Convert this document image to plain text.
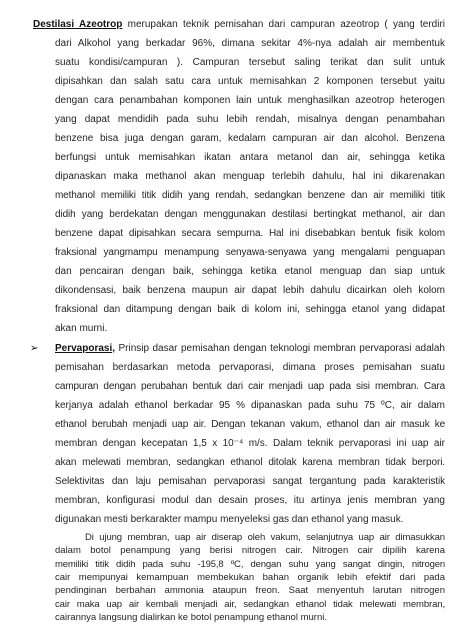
Destilasi Azeotrop merupakan teknik pemisahan dari campuran azeotrop ( yang terdiri
dari Alkohol yang berkadar 96%, dimana sekitar 4%-nya adalah air membentuk
suatu kondisi/campuran ). Campuran tersebut saling terikat dan sulit untuk
dipisahkan dan salah satu cara untuk memisahkan 2 komponen tersebut yaitu
dengan cara penambahan komponen lain untuk menghasilkan azeotrop heterogen
yang dapat mendidih pada suhu lebih rendah, misalnya dengan penambahan
benzene bisa juga dengan garam, kedalam campuran air dan alcohol. Benzena
berfungsi untuk memisahkan ikatan antara metanol dan air, sehingga ketika
dipanaskan maka methanol akan menguap terlebih dahulu, hal ini dikarenakan
methanol memiliki titik didih yang rendah, sedangkan benzene dan air memiliki titik
didih yang berdekatan dengan menggunakan destilasi bertingkat methanol, air dan
benzene dapat dipisahkan secara sempurna. Hal ini disebabkan bentuk fisik kolom
fraksional yangmampu menampung senyawa-senyawa yang mengalami penguapan
dan pencairan dengan baik, sehingga ketika etanol menguap dan siap untuk
dikondensasi, baik benzena maupun air dapat lebih dahulu dicairkan oleh kolom
fraksional dan ditampung dengan baik di kolom ini, sehingga etanol yang didapat
akan murni.
➢ Pervaporasi, Prinsip dasar pemisahan dengan teknologi membran pervaporasi adalah
pemisahan berdasarkan metoda pervaporasi, dimana proses pemisahan suatu
campuran dengan perubahan bentuk dari cair menjadi uap pada sisi membran. Cara
kerjanya adalah ethanol berkadar 95 % dipanaskan pada suhu 75 ºC, air dalam
ethanol berubah menjadi uap air. Dengan tekanan vakum, ethanol dan air masuk ke
membran dengan kecepatan 1,5 x 10⁻⁴ m/s. Dalam teknik pervaporasi ini uap air
akan melewati membran, sedangkan ethanol ditolak karena membran tidak berpori.
Selektivitas dan laju pemisahan pervaporasi sangat tergantung pada karakteristik
membran, konfigurasi modul dan desain proses, itu artinya jenis membran yang
digunakan mesti berkarakter mampu menyeleksi gas dan ethanol yang masuk.
Di ujung membran, uap air diserap oleh vakum, selanjutnya uap air dimasukkan
dalam botol penampung yang berisi nitrogen cair. Nitrogen cair dipilih karena
memiliki titik didih pada suhu -195,8 ºC, dengan suhu yang sangat dingin, nitrogen
cair mempunyai kemampuan membekukan bahan organik lebih efektif dari pada
pendinginan berbahan ammonia ataupun freon. Saat menyentuh larutan nitrogen
cair maka uap air kembali menjadi air, sedangkan ethanol tidak melewati membran,
cairannya langsung dialirkan ke botol penampung ethanol murni.
